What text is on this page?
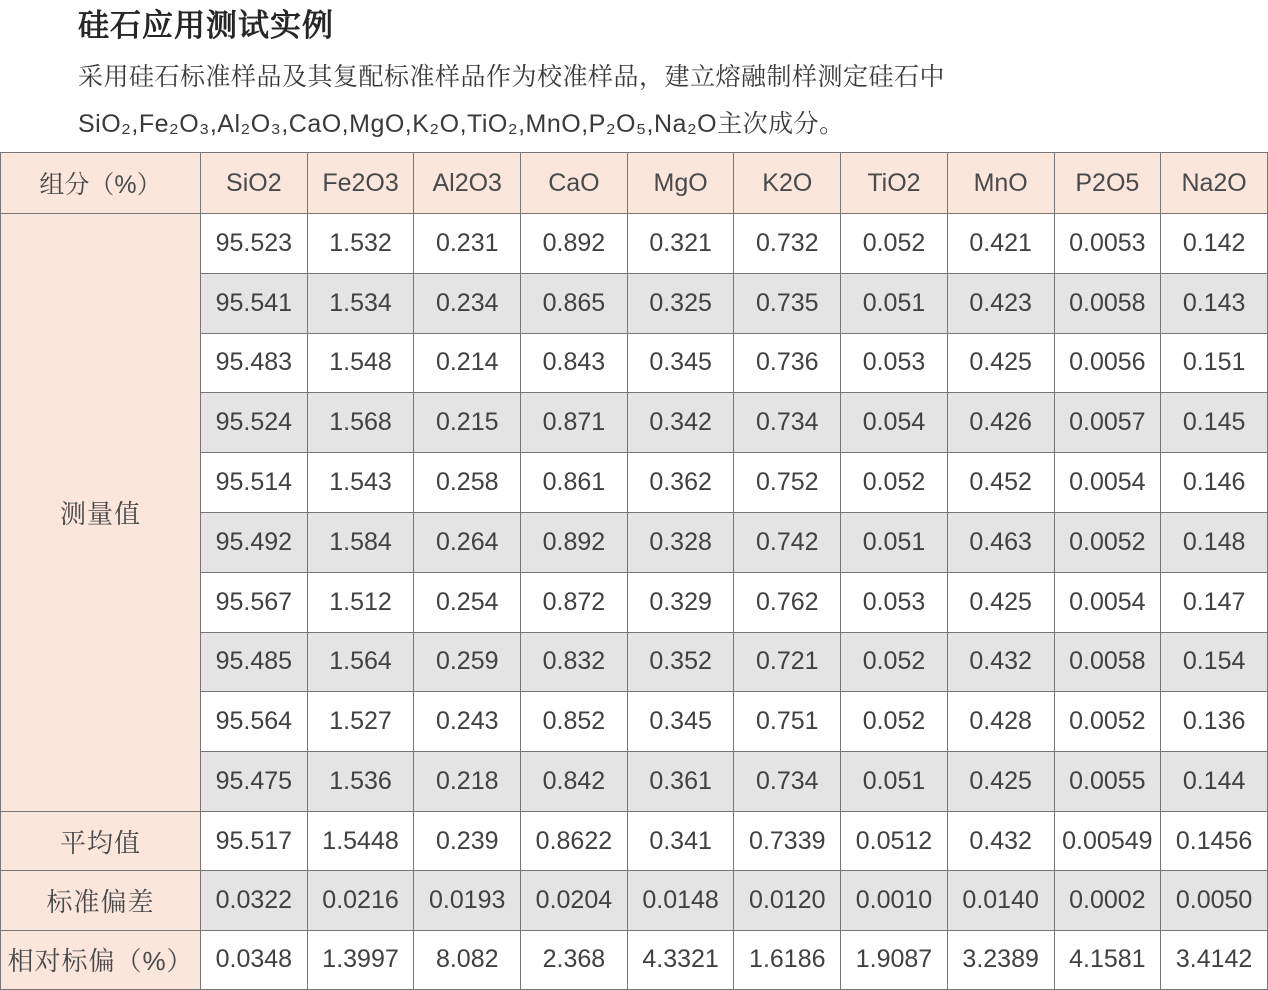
硅石应用测试实例

采用硅石标准样品及其复配标准样品作为校准样品，建立熔融制样测定硅石中

SiO₂,Fe₂O₃,Al₂O₃,CaO,MgO,K₂O,TiO₂,MnO,P₂O₅,Na₂O主次成分。

组分（%）	SiO2	Fe2O3	Al2O3	CaO	MgO	K2O	TiO2	MnO	P2O5	Na2O
测量值	95.523	1.532	0.231	0.892	0.321	0.732	0.052	0.421	0.0053	0.142
	95.541	1.534	0.234	0.865	0.325	0.735	0.051	0.423	0.0058	0.143
	95.483	1.548	0.214	0.843	0.345	0.736	0.053	0.425	0.0056	0.151
	95.524	1.568	0.215	0.871	0.342	0.734	0.054	0.426	0.0057	0.145
	95.514	1.543	0.258	0.861	0.362	0.752	0.052	0.452	0.0054	0.146
	95.492	1.584	0.264	0.892	0.328	0.742	0.051	0.463	0.0052	0.148
	95.567	1.512	0.254	0.872	0.329	0.762	0.053	0.425	0.0054	0.147
	95.485	1.564	0.259	0.832	0.352	0.721	0.052	0.432	0.0058	0.154
	95.564	1.527	0.243	0.852	0.345	0.751	0.052	0.428	0.0052	0.136
	95.475	1.536	0.218	0.842	0.361	0.734	0.051	0.425	0.0055	0.144
平均值	95.517	1.5448	0.239	0.8622	0.341	0.7339	0.0512	0.432	0.00549	0.1456
标准偏差	0.0322	0.0216	0.0193	0.0204	0.0148	0.0120	0.0010	0.0140	0.0002	0.0050
相对标偏（%）	0.0348	1.3997	8.082	2.368	4.3321	1.6186	1.9087	3.2389	4.1581	3.4142
